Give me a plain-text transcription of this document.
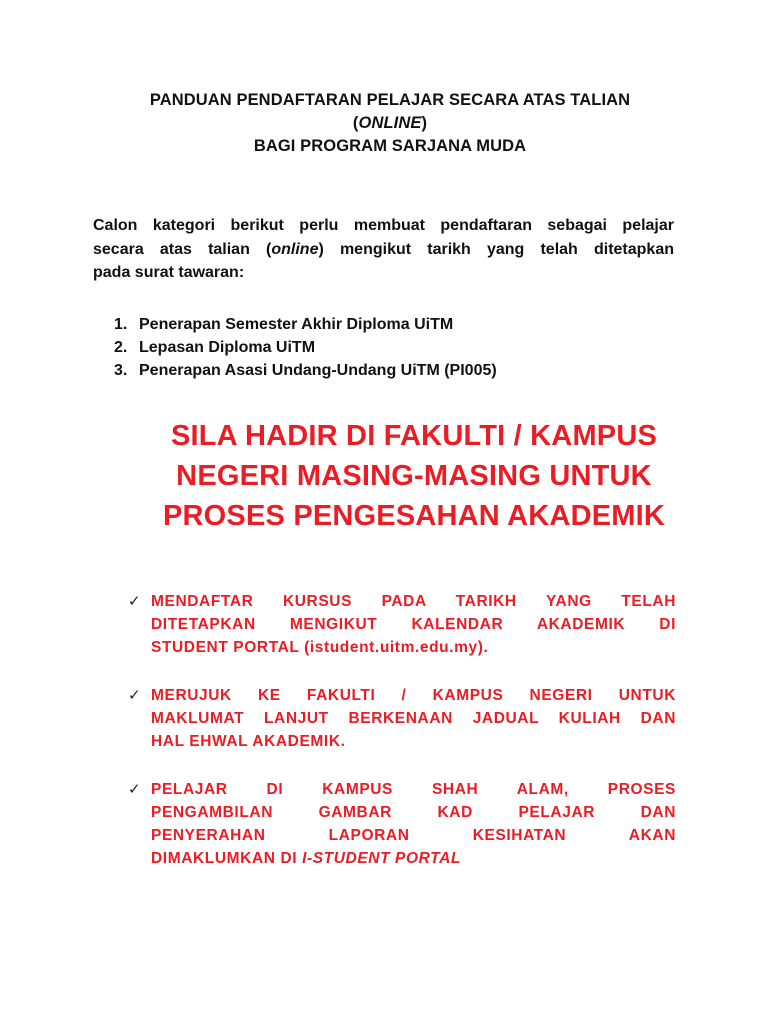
PANDUAN PENDAFTARAN PELAJAR SECARA ATAS TALIAN
(ONLINE)
BAGI PROGRAM SARJANA MUDA
Calon kategori berikut perlu membuat pendaftaran sebagai pelajar
secara atas talian (online) mengikut tarikh yang telah ditetapkan
pada surat tawaran:
1. Penerapan Semester Akhir Diploma UiTM
2. Lepasan Diploma UiTM
3. Penerapan Asasi Undang-Undang UiTM (PI005)
SILA HADIR DI FAKULTI / KAMPUS
NEGERI MASING-MASING UNTUK
PROSES PENGESAHAN AKADEMIK
✓ MENDAFTAR KURSUS PADA TARIKH YANG TELAH
DITETAPKAN MENGIKUT KALENDAR AKADEMIK DI
STUDENT PORTAL (istudent.uitm.edu.my).
✓ MERUJUK KE FAKULTI / KAMPUS NEGERI UNTUK
MAKLUMAT LANJUT BERKENAAN JADUAL KULIAH DAN
HAL EHWAL AKADEMIK.
✓ PELAJAR DI KAMPUS SHAH ALAM, PROSES
PENGAMBILAN GAMBAR KAD PELAJAR DAN
PENYERAHAN LAPORAN KESIHATAN AKAN
DIMAKLUMKAN DI I-STUDENT PORTAL
